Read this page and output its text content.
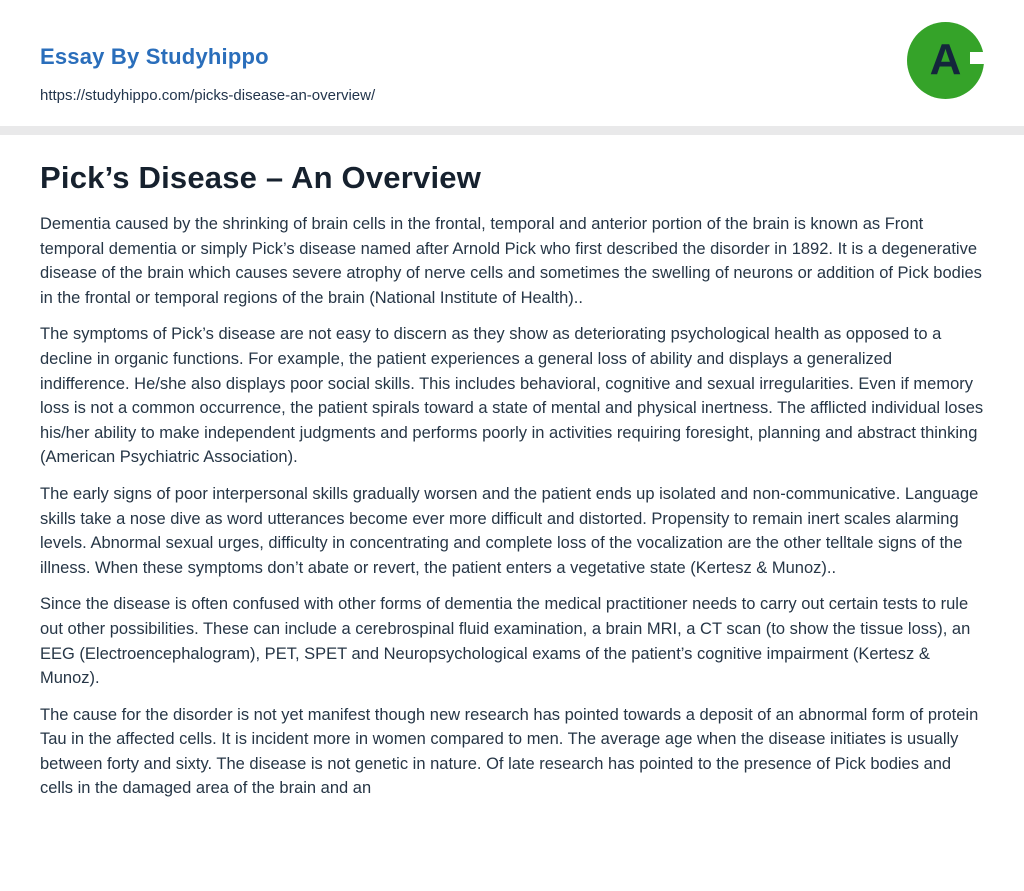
Essay By Studyhippo
https://studyhippo.com/picks-disease-an-overview/
A
Pick’s Disease – An Overview

Dementia caused by the shrinking of brain cells in the frontal, temporal and anterior portion of the brain is known as Front temporal dementia or simply Pick’s disease named after Arnold Pick who first described the disorder in 1892. It is a degenerative disease of the brain which causes severe atrophy of nerve cells and sometimes the swelling of neurons or addition of Pick bodies in the frontal or temporal regions of the brain (National Institute of Health)..

The symptoms of Pick’s disease are not easy to discern as they show as deteriorating psychological health as opposed to a decline in organic functions. For example, the patient experiences a general loss of ability and displays a generalized indifference. He/she also displays poor social skills. This includes behavioral, cognitive and sexual irregularities. Even if memory loss is not a common occurrence, the patient spirals toward a state of mental and physical inertness. The afflicted individual loses his/her ability to make independent judgments and performs poorly in activities requiring foresight, planning and abstract thinking (American Psychiatric Association).

The early signs of poor interpersonal skills gradually worsen and the patient ends up isolated and non-communicative. Language skills take a nose dive as word utterances become ever more difficult and distorted. Propensity to remain inert scales alarming levels. Abnormal sexual urges, difficulty in concentrating and complete loss of the vocalization are the other telltale signs of the illness. When these symptoms don’t abate or revert, the patient enters a vegetative state (Kertesz & Munoz)..

Since the disease is often confused with other forms of dementia the medical practitioner needs to carry out certain tests to rule out other possibilities. These can include a cerebrospinal fluid examination, a brain MRI, a CT scan (to show the tissue loss), an EEG (Electroencephalogram), PET, SPET and Neuropsychological exams of the patient’s cognitive impairment (Kertesz & Munoz).

The cause for the disorder is not yet manifest though new research has pointed towards a deposit of an abnormal form of protein Tau in the affected cells. It is incident more in women compared to men. The average age when the disease initiates is usually between forty and sixty. The disease is not genetic in nature. Of late research has pointed to the presence of Pick bodies and cells in the damaged area of the brain and an
